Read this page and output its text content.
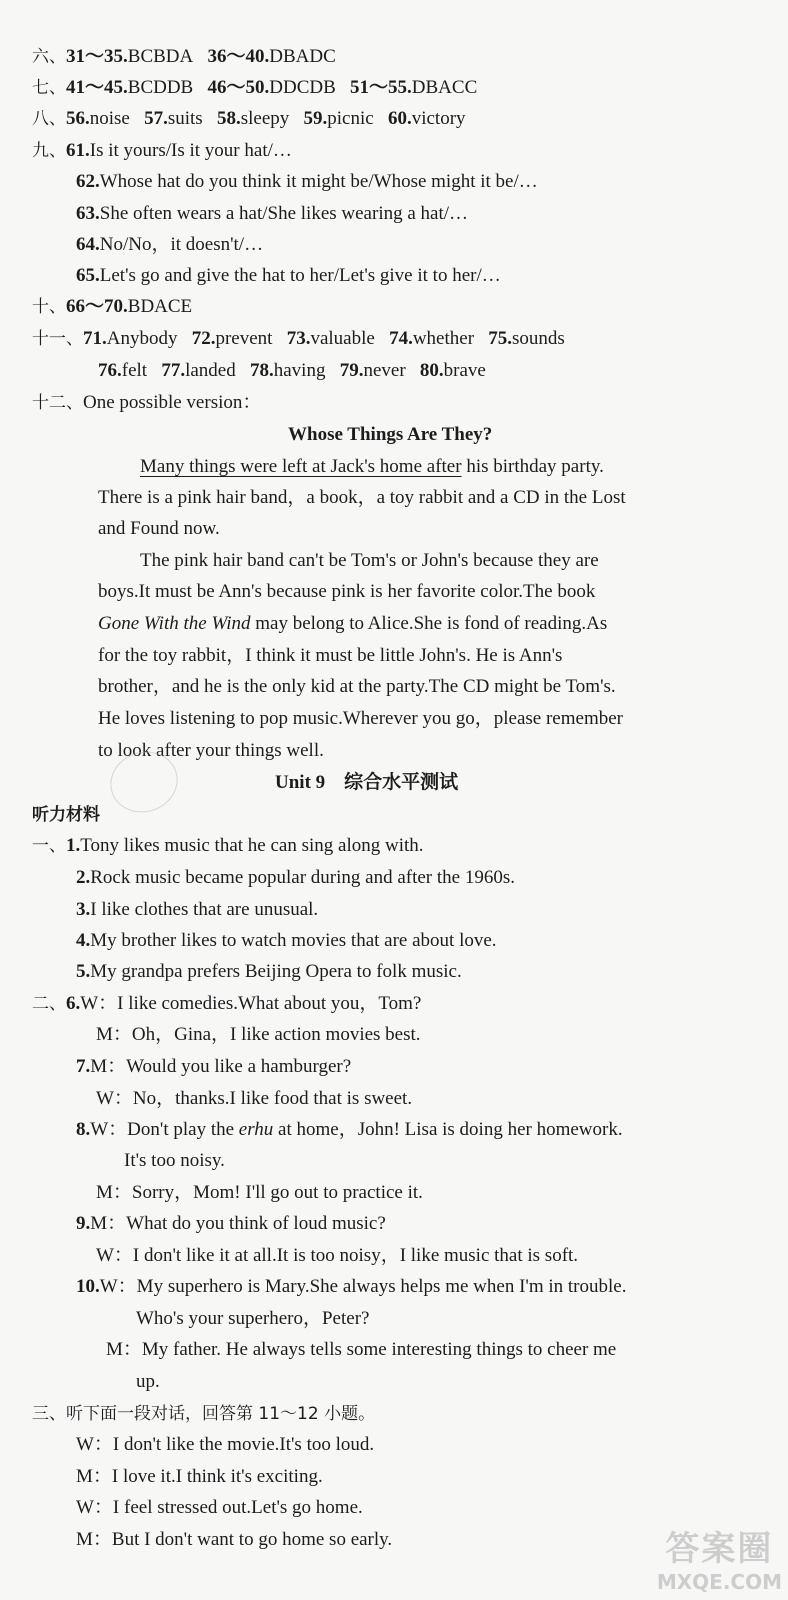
六、31～35.BCBDA 36～40.DBADC
七、41～45.BCDDB 46～50.DDCDB 51～55.DBACC
八、56.noise 57.suits 58.sleepy 59.picnic 60.victory
九、61.Is it yours/Is it your hat/…
62.Whose hat do you think it might be/Whose might it be/…
63.She often wears a hat/She likes wearing a hat/…
64.No/No，it doesn't/…
65.Let's go and give the hat to her/Let's give it to her/…
十、66～70.BDACE
十一、71.Anybody 72.prevent 73.valuable 74.whether 75.sounds
76.felt 77.landed 78.having 79.never 80.brave
十二、One possible version：
Whose Things Are They?
Many things were left at Jack's home after his birthday party.
There is a pink hair band，a book，a toy rabbit and a CD in the Lost
and Found now.
The pink hair band can't be Tom's or John's because they are
boys.It must be Ann's because pink is her favorite color.The book
Gone With the Wind may belong to Alice.She is fond of reading.As
for the toy rabbit，I think it must be little John's. He is Ann's
brother，and he is the only kid at the party.The CD might be Tom's.
He loves listening to pop music.Wherever you go，please remember
to look after your things well.
Unit 9　综合水平测试
听力材料
一、1.Tony likes music that he can sing along with.
2.Rock music became popular during and after the 1960s.
3.I like clothes that are unusual.
4.My brother likes to watch movies that are about love.
5.My grandpa prefers Beijing Opera to folk music.
二、6.W：I like comedies.What about you，Tom?
M：Oh，Gina，I like action movies best.
7.M：Would you like a hamburger?
W：No，thanks.I like food that is sweet.
8.W：Don't play the erhu at home，John! Lisa is doing her homework.
It's too noisy.
M：Sorry，Mom! I'll go out to practice it.
9.M：What do you think of loud music?
W：I don't like it at all.It is too noisy，I like music that is soft.
10.W：My superhero is Mary.She always helps me when I'm in trouble.
Who's your superhero，Peter?
M：My father. He always tells some interesting things to cheer me
up.
三、听下面一段对话，回答第 11～12 小题。
W：I don't like the movie.It's too loud.
M：I love it.I think it's exciting.
W：I feel stressed out.Let's go home.
M：But I don't want to go home so early.	答案圈
MXQE.COM
